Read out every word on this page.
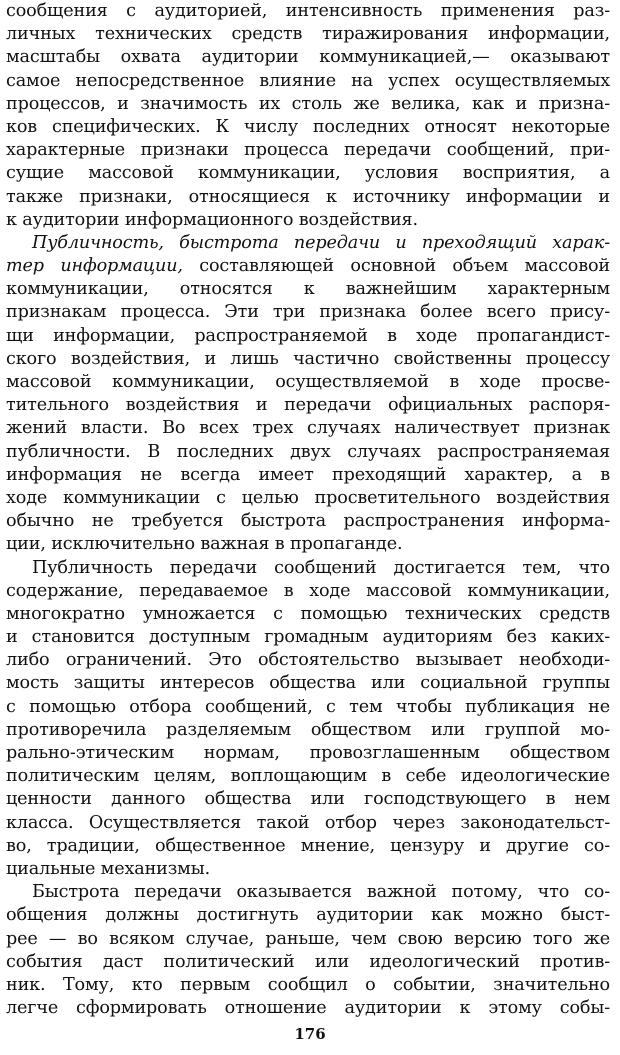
сообщения с аудиторией, интенсивность применения раз-
личных технических средств тиражирования информации,
масштабы охвата аудитории коммуникацией,— оказывают
самое непосредственное влияние на успех осуществляемых
процессов, и значимость их столь же велика, как и призна-
ков специфических. К числу последних относят некоторые
характерные признаки процесса передачи сообщений, при-
сущие массовой коммуникации, условия восприятия, а
также признаки, относящиеся к источнику информации и
к аудитории информационного воздействия.
Публичность, быстрота передачи и преходящий харак-
тер информации, составляющей основной объем массовой
коммуникации, относятся к важнейшим характерным
признакам процесса. Эти три признака более всего прису-
щи информации, распространяемой в ходе пропагандист-
ского воздействия, и лишь частично свойственны процессу
массовой коммуникации, осуществляемой в ходе просве-
тительного воздействия и передачи официальных распоря-
жений власти. Во всех трех случаях наличествует признак
публичности. В последних двух случаях распространяемая
информация не всегда имеет преходящий характер, а в
ходе коммуникации с целью просветительного воздействия
обычно не требуется быстрота распространения информа-
ции, исключительно важная в пропаганде.
Публичность передачи сообщений достигается тем, что
содержание, передаваемое в ходе массовой коммуникации,
многократно умножается с помощью технических средств
и становится доступным громадным аудиториям без каких-
либо ограничений. Это обстоятельство вызывает необходи-
мость защиты интересов общества или социальной группы
с помощью отбора сообщений, с тем чтобы публикация не
противоречила разделяемым обществом или группой мо-
рально-этическим нормам, провозглашенным обществом
политическим целям, воплощающим в себе идеологические
ценности данного общества или господствующего в нем
класса. Осуществляется такой отбор через законодательст-
во, традиции, общественное мнение, цензуру и другие со-
циальные механизмы.
Быстрота передачи оказывается важной потому, что со-
общения должны достигнуть аудитории как можно быст-
рее — во всяком случае, раньше, чем свою версию того же
события даст политический или идеологический против-
ник. Тому, кто первым сообщил о событии, значительно
легче сформировать отношение аудитории к этому собы-
176
